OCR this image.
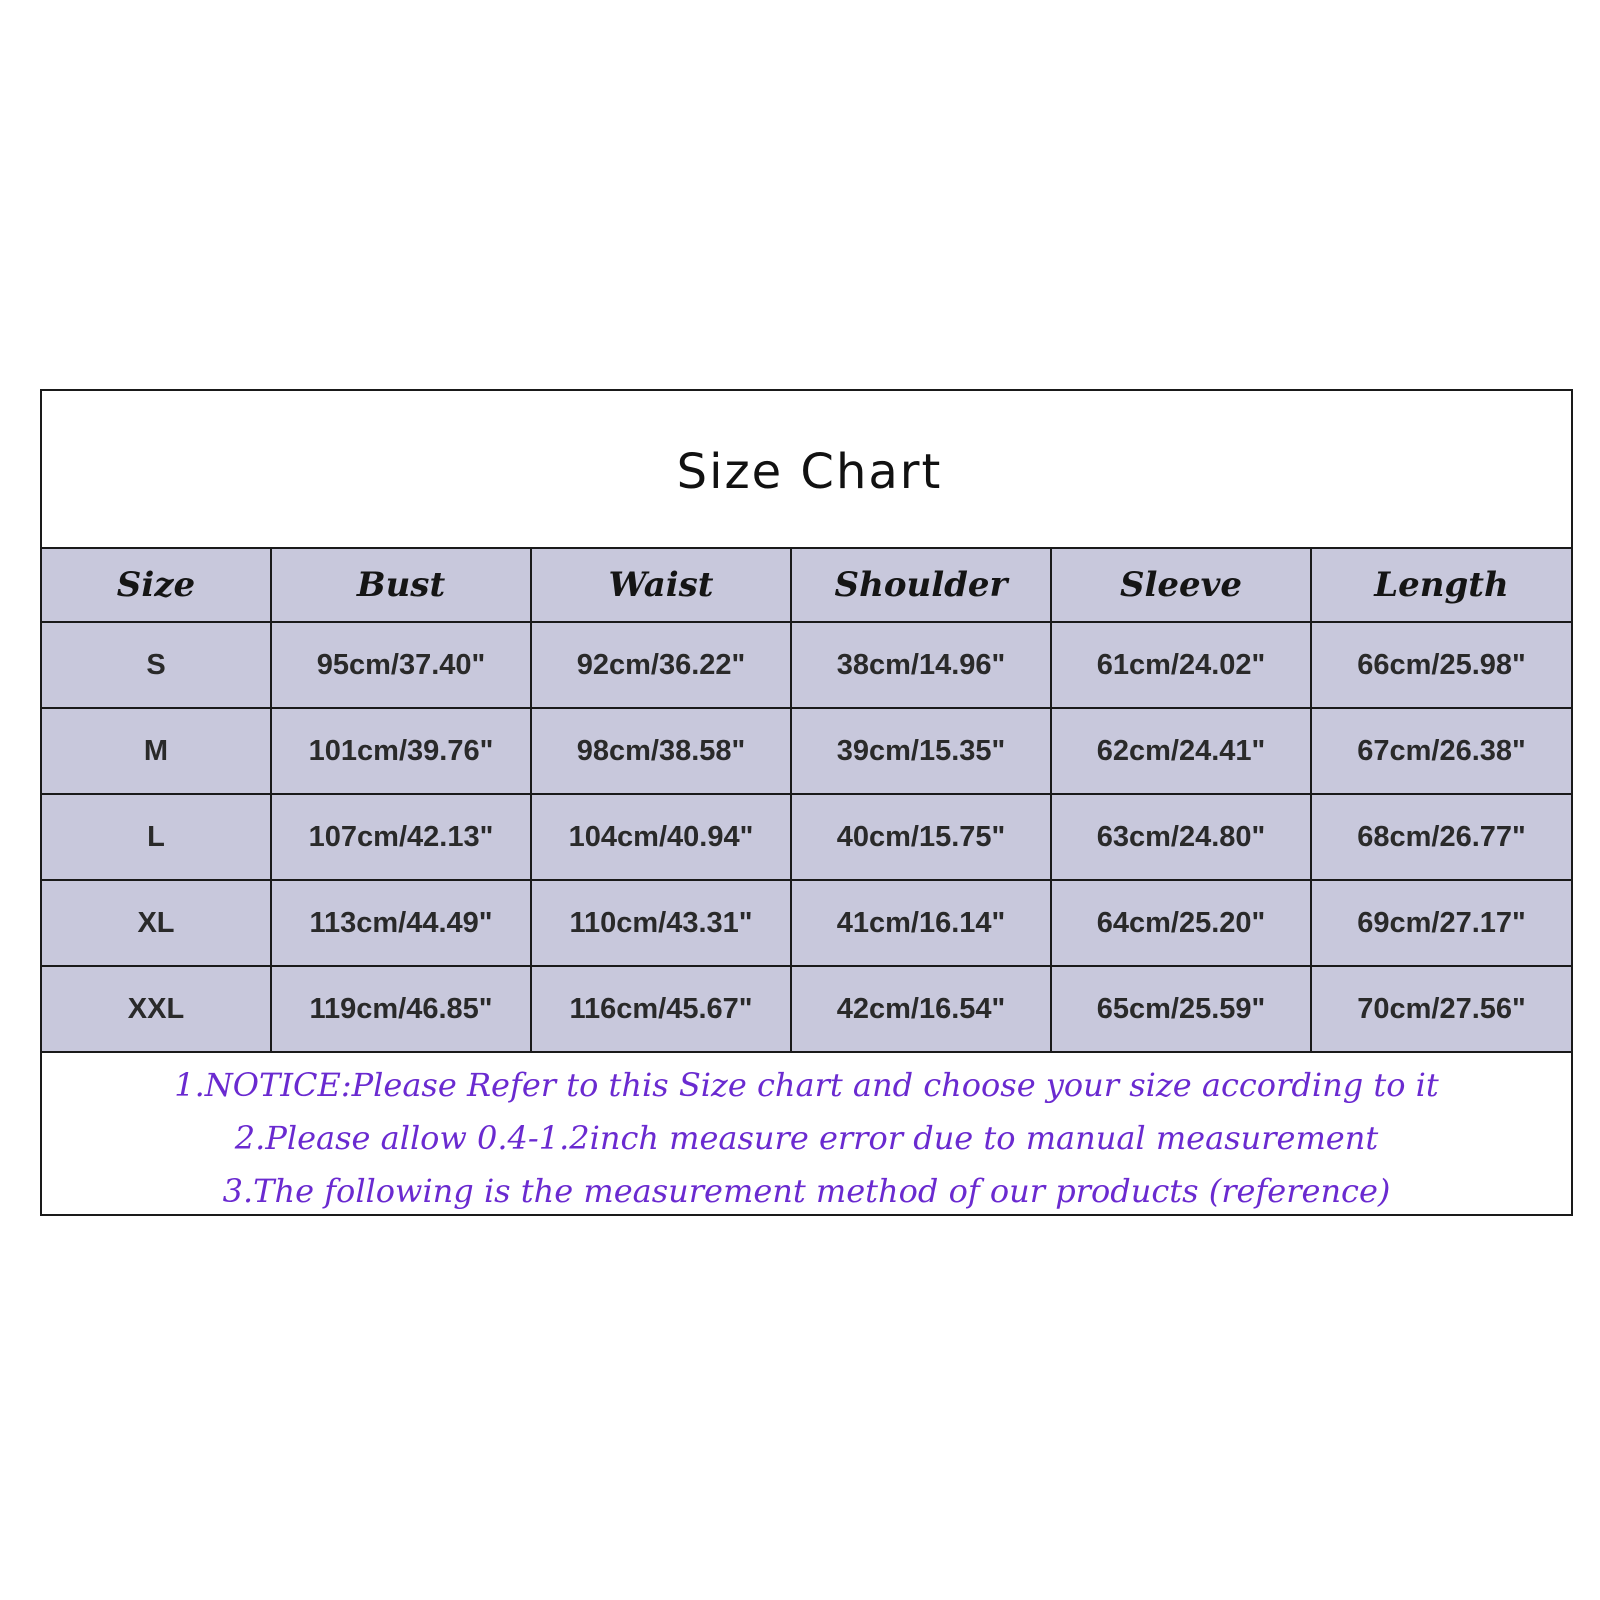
Size Chart
Size	Bust	Waist	Shoulder	Sleeve	Length
S	95cm/37.40"	92cm/36.22"	38cm/14.96"	61cm/24.02"	66cm/25.98"
M	101cm/39.76"	98cm/38.58"	39cm/15.35"	62cm/24.41"	67cm/26.38"
L	107cm/42.13"	104cm/40.94"	40cm/15.75"	63cm/24.80"	68cm/26.77"
XL	113cm/44.49"	110cm/43.31"	41cm/16.14"	64cm/25.20"	69cm/27.17"
XXL	119cm/46.85"	116cm/45.67"	42cm/16.54"	65cm/25.59"	70cm/27.56"
1.NOTICE:Please Refer to this Size chart and choose your size according to it
2.Please allow 0.4-1.2inch measure error due to manual measurement
3.The following is the measurement method of our products (reference)
